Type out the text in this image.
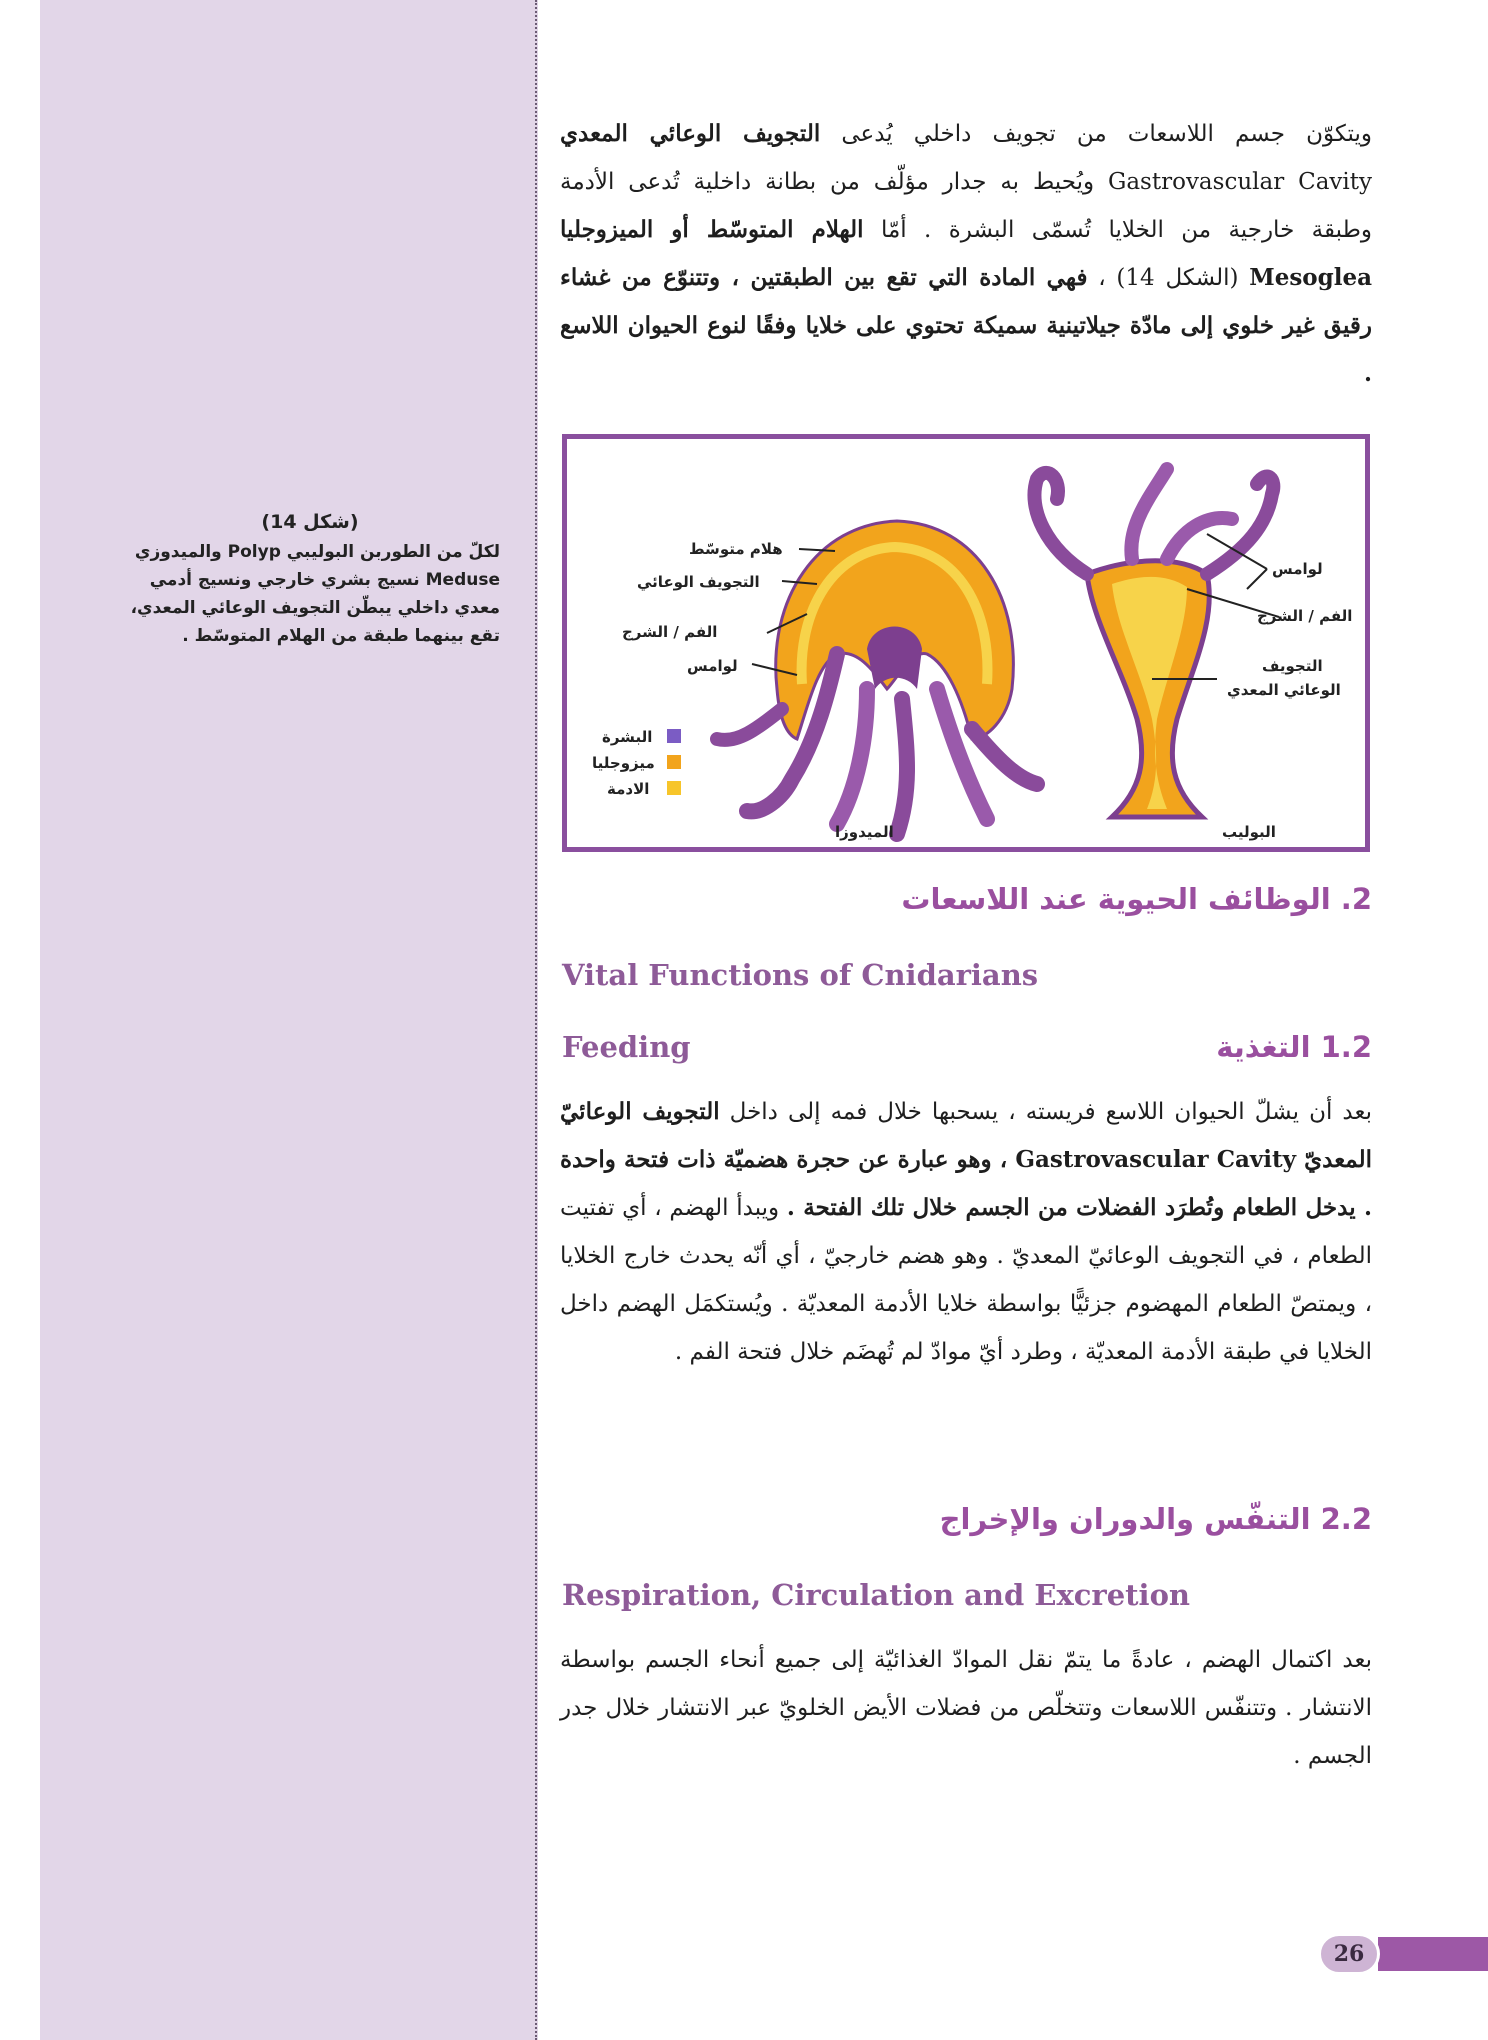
(شكل 14)
لكلّ من الطوربن البوليبي Polyp والميدوزي
Meduse نسيج بشري خارجي ونسيج أدمي
معدي داخلي يبطّن التجويف الوعائي المعدي،
تقع بينهما طبقة من الهلام المتوسّط .

ويتكوّن جسم اللاسعات من تجويف داخلي يُدعى التجويف الوعائي المعدي Gastrovascular Cavity ويُحيط به جدار مؤلّف من بطانة داخلية تُدعى الأدمة وطبقة خارجية من الخلايا تُسمّى البشرة . أمّا الهلام المتوسّط أو الميزوجليا Mesoglea (الشكل 14) ، فهي المادة التي تقع بين الطبقتين ، وتتنوّع من غشاء رقيق غير خلوي إلى مادّة جيلاتينية سميكة تحتوي على خلايا وفقًا لنوع الحيوان اللاسع .

هلام متوسّط
التجويف الوعائي
الفم / الشرج
لوامس
الميدوزا
لوامس
الفم / الشرج
التجويف
الوعائي المعدي
البوليب
البشرة
ميزوجليا
الادمة
2. الوظائف الحيوية عند اللاسعات
Vital Functions of Cnidarians
Feeding	1.2 التغذية

بعد أن يشلّ الحيوان اللاسع فريسته ، يسحبها خلال فمه إلى داخل التجويف الوعائيّ المعديّ Gastrovascular Cavity ، وهو عبارة عن حجرة هضميّة ذات فتحة واحدة . يدخل الطعام وتُطرَد الفضلات من الجسم خلال تلك الفتحة . ويبدأ الهضم ، أي تفتيت الطعام ، في التجويف الوعائيّ المعديّ . وهو هضم خارجيّ ، أي أنّه يحدث خارج الخلايا ، ويمتصّ الطعام المهضوم جزئيًّا بواسطة خلايا الأدمة المعديّة . ويُستكمَل الهضم داخل الخلايا في طبقة الأدمة المعديّة ، وطرد أيّ موادّ لم تُهضَم خلال فتحة الفم .

2.2 التنفّس والدوران والإخراج
Respiration, Circulation and Excretion

بعد اكتمال الهضم ، عادةً ما يتمّ نقل الموادّ الغذائيّة إلى جميع أنحاء الجسم بواسطة الانتشار . وتتنفّس اللاسعات وتتخلّص من فضلات الأيض الخلويّ عبر الانتشار خلال جدر الجسم .

26
